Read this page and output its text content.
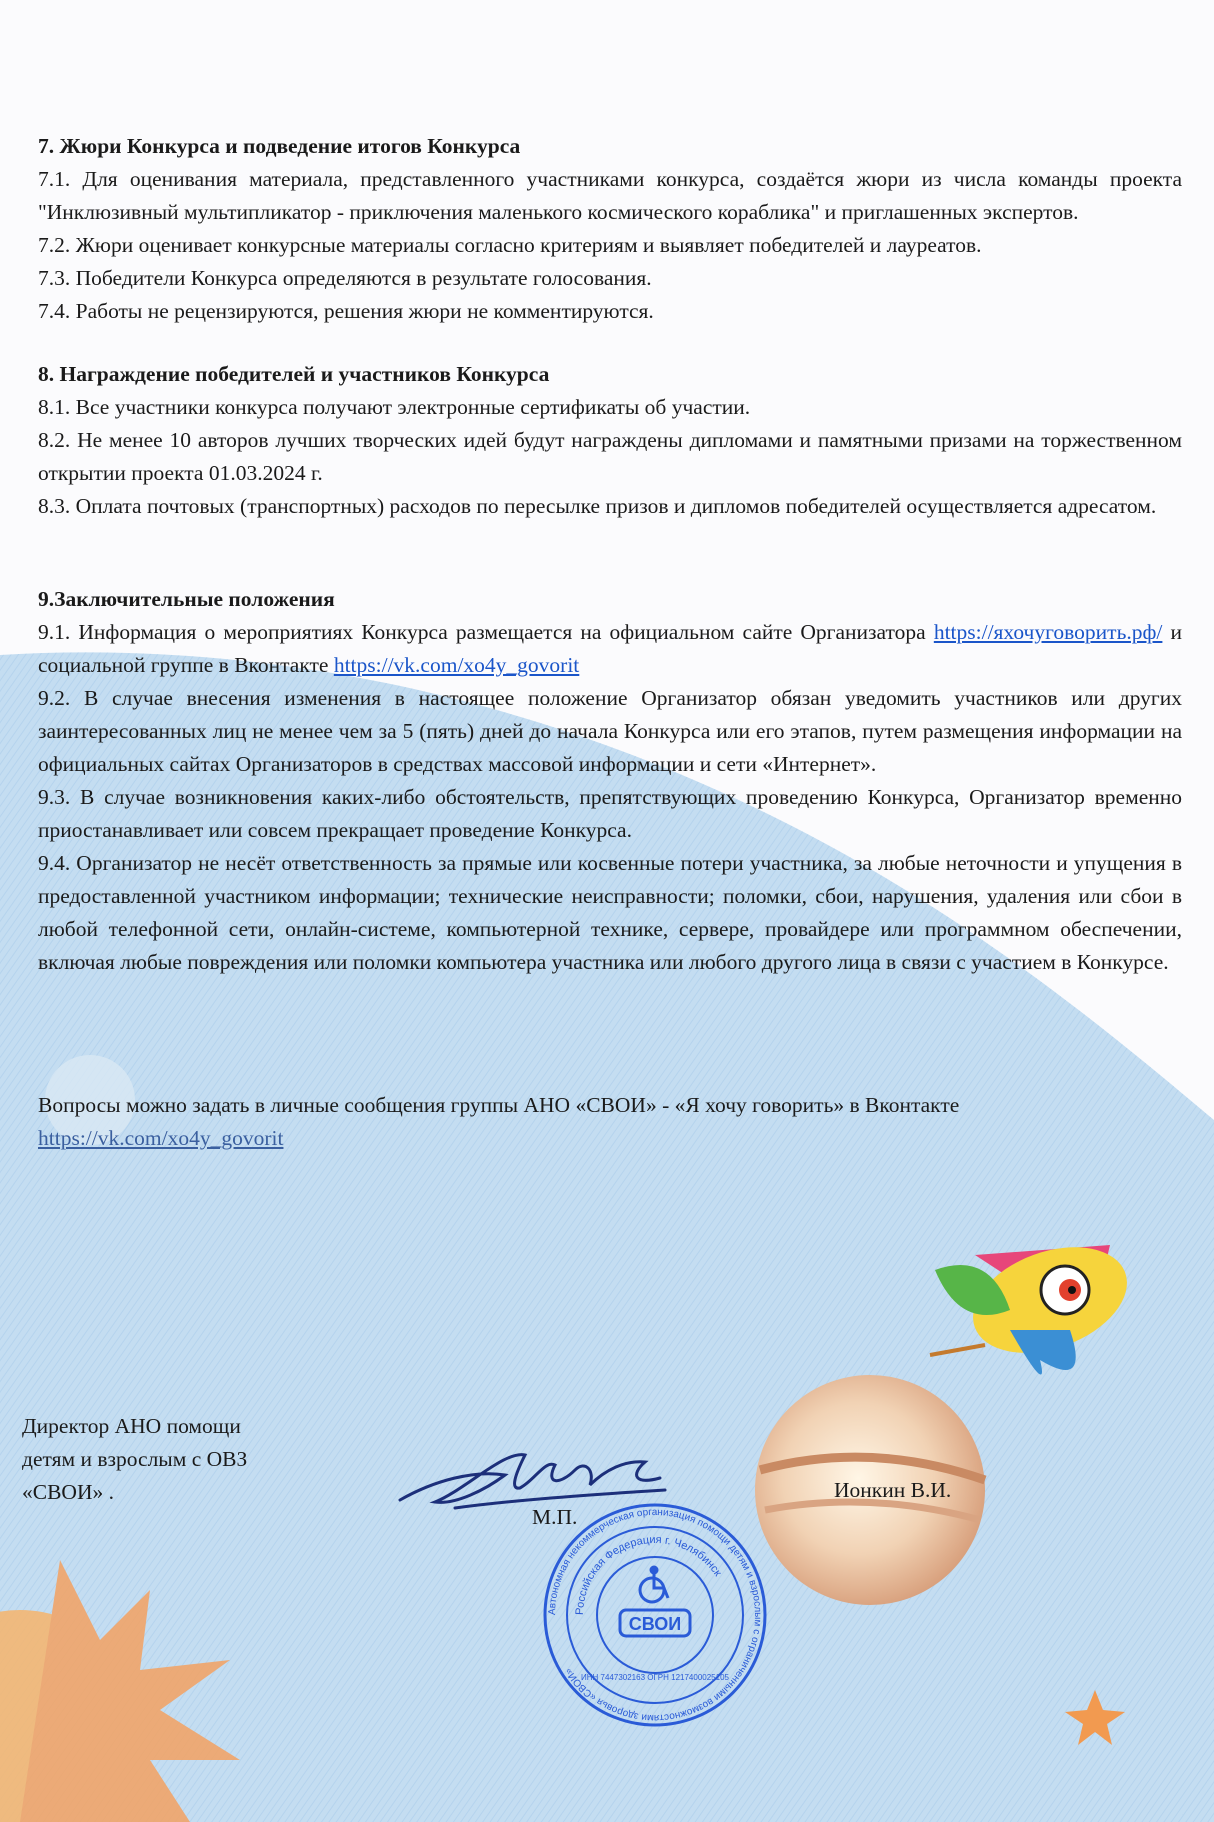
7. Жюри Конкурса и подведение итогов Конкурса

7.1. Для оценивания материала, представленного участниками конкурса, создаётся жюри из числа команды проекта "Инклюзивный мультипликатор - приключения маленького космического кораблика" и приглашенных экспертов.

7.2. Жюри оценивает конкурсные материалы согласно критериям и выявляет победителей и лауреатов.

7.3. Победители Конкурса определяются в результате голосования.

7.4. Работы не рецензируются, решения жюри не комментируются.

8. Награждение победителей и участников Конкурса

8.1. Все участники конкурса получают электронные сертификаты об участии.

8.2. Не менее 10 авторов лучших творческих идей будут награждены дипломами и памятными призами на торжественном открытии проекта 01.03.2024 г.

8.3. Оплата почтовых (транспортных) расходов по пересылке призов и дипломов победителей осуществляется адресатом.

9.Заключительные положения

9.1. Информация о мероприятиях Конкурса размещается на официальном сайте Организатора https://яхочуговорить.рф/ и социальной группе в Вконтакте https://vk.com/xo4y_govorit

9.2. В случае внесения изменения в настоящее положение Организатор обязан уведомить участников или других заинтересованных лиц не менее чем за 5 (пять) дней до начала Конкурса или его этапов, путем размещения информации на официальных сайтах Организаторов в средствах массовой информации и сети «Интернет».

9.3. В случае возникновения каких-либо обстоятельств, препятствующих проведению Конкурса, Организатор временно приостанавливает или совсем прекращает проведение Конкурса.

9.4. Организатор не несёт ответственность за прямые или косвенные потери участника, за любые неточности и упущения в предоставленной участником информации; технические неисправности; поломки, сбои, нарушения, удаления или сбои в любой телефонной сети, онлайн-системе, компьютерной технике, сервере, провайдере или программном обеспечении, включая любые повреждения или поломки компьютера участника или любого другого лица в связи с участием в Конкурсе.

Вопросы можно задать в личные сообщения группы АНО «СВОИ» - «Я хочу говорить» в Вконтакте

https://vk.com/xo4y_govorit

Директор АНО помощи
детям и взрослым с ОВЗ
«СВОИ» .
М.П.
Ионкин В.И.
Автономная некоммерческая организация помощи детям и взрослым с ограниченными возможностями здоровья «СВОИ»
Российская Федерация г. Челябинск
ИНН 7447302163 ОГРН 1217400025105
СВОИ
